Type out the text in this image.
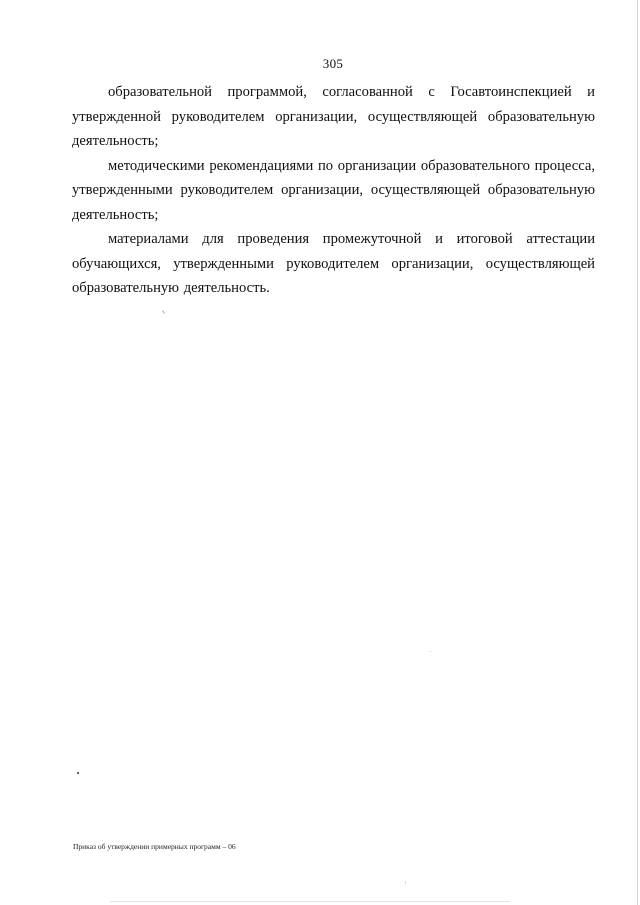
305

образовательной программой, согласованной с Госавтоинспекцией и утвержденной руководителем организации, осуществляющей образовательную деятельность;

методическими рекомендациями по организации образовательного процесса, утвержденными руководителем организации, осуществляющей образовательную деятельность;

материалами для проведения промежуточной и итоговой аттестации обучающихся, утвержденными руководителем организации, осуществляющей образовательную деятельность.

Приказ об утверждении примерных программ – 06
